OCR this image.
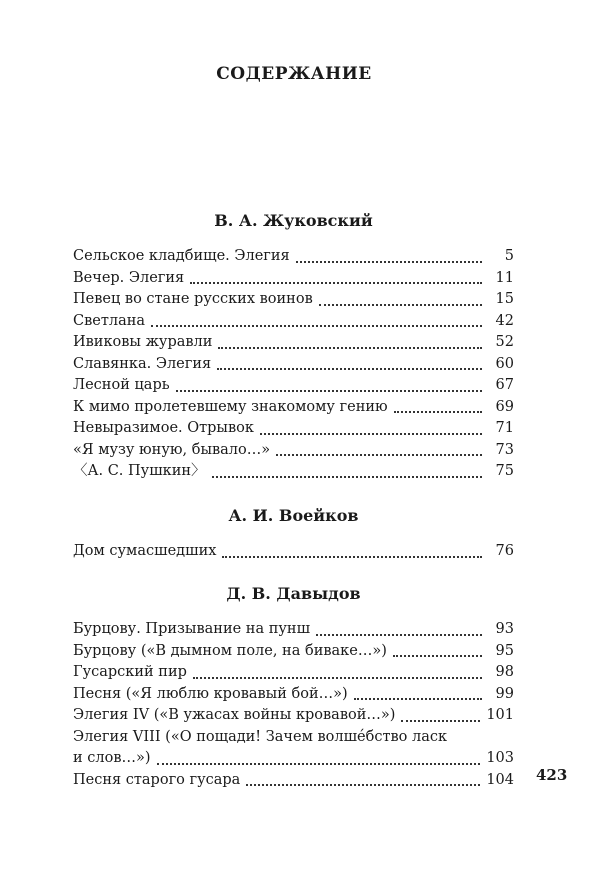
СОДЕРЖАНИЕ
В. А. Жуковский
Сельское кладбище. Элегия	5
Вечер. Элегия	11
Певец во стане русских воинов	15
Светлана	42
Ивиковы журавли	52
Славянка. Элегия	60
Лесной царь	67
К мимо пролетевшему знакомому гению	69
Невыразимое. Отрывок	71
«Я музу юную, бывало…»	73
〈А. С. Пушкин〉	75
А. И. Воейков
Дом сумасшедших	76
Д. В. Давыдов
Бурцову. Призывание на пунш	93
Бурцову («В дымном поле, на биваке…»)	95
Гусарский пир	98
Песня («Я люблю кровавый бой…»)	99
Элегия IV («В ужасах войны кровавой…»)	101
Элегия VIII («О пощади! Зачем волшéбство ласк
и слов…»)	103
Песня старого гусара	104 423
